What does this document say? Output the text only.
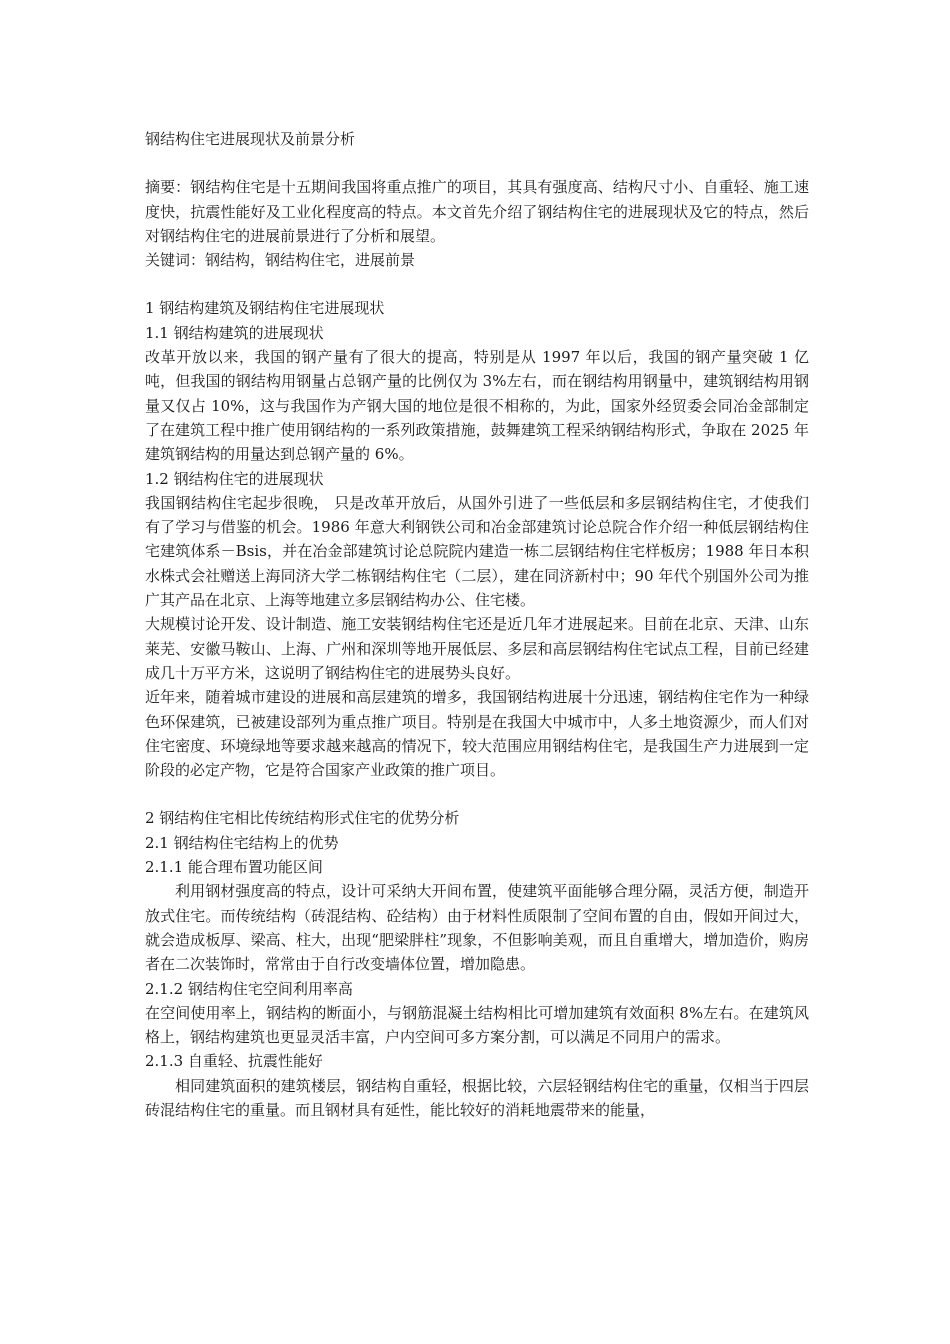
钢结构住宅进展现状及前景分析

摘要：钢结构住宅是十五期间我国将重点推广的项目，其具有强度高、结构尺寸小、自重轻、施工速度快，抗震性能好及工业化程度高的特点。本文首先介绍了钢结构住宅的进展现状及它的特点，然后对钢结构住宅的进展前景进行了分析和展望。

关键词：钢结构，钢结构住宅，进展前景

1 钢结构建筑及钢结构住宅进展现状

1.1 钢结构建筑的进展现状

改革开放以来，我国的钢产量有了很大的提高，特别是从 1997 年以后，我国的钢产量突破 1 亿吨，但我国的钢结构用钢量占总钢产量的比例仅为 3%左右，而在钢结构用钢量中，建筑钢结构用钢量又仅占 10%，这与我国作为产钢大国的地位是很不相称的，为此，国家外经贸委会同冶金部制定了在建筑工程中推广使用钢结构的一系列政策措施，鼓舞建筑工程采纳钢结构形式，争取在 2025 年建筑钢结构的用量达到总钢产量的 6%。

1.2 钢结构住宅的进展现状

我国钢结构住宅起步很晚， 只是改革开放后，从国外引进了一些低层和多层钢结构住宅，才使我们有了学习与借鉴的机会。1986 年意大利钢铁公司和冶金部建筑讨论总院合作介绍一种低层钢结构住宅建筑体系－Bsis，并在冶金部建筑讨论总院院内建造一栋二层钢结构住宅样板房；1988 年日本积水株式会社赠送上海同济大学二栋钢结构住宅（二层），建在同济新村中；90 年代个别国外公司为推广其产品在北京、上海等地建立多层钢结构办公、住宅楼。

大规模讨论开发、设计制造、施工安装钢结构住宅还是近几年才进展起来。目前在北京、天津、山东莱芜、安徽马鞍山、上海、广州和深圳等地开展低层、多层和高层钢结构住宅试点工程，目前已经建成几十万平方米，这说明了钢结构住宅的进展势头良好。

近年来，随着城市建设的进展和高层建筑的增多，我国钢结构进展十分迅速，钢结构住宅作为一种绿色环保建筑，已被建设部列为重点推广项目。特别是在我国大中城市中，人多土地资源少，而人们对住宅密度、环境绿地等要求越来越高的情况下，较大范围应用钢结构住宅，是我国生产力进展到一定阶段的必定产物，它是符合国家产业政策的推广项目。

2 钢结构住宅相比传统结构形式住宅的优势分析

2.1 钢结构住宅结构上的优势

2.1.1 能合理布置功能区间

利用钢材强度高的特点，设计可采纳大开间布置，使建筑平面能够合理分隔，灵活方便，制造开放式住宅。而传统结构（砖混结构、砼结构）由于材料性质限制了空间布置的自由，假如开间过大，就会造成板厚、梁高、柱大，出现“肥梁胖柱”现象，不但影响美观，而且自重增大，增加造价，购房者在二次装饰时，常常由于自行改变墙体位置，增加隐患。

2.1.2 钢结构住宅空间利用率高

在空间使用率上，钢结构的断面小，与钢筋混凝土结构相比可增加建筑有效面积 8%左右。在建筑风格上，钢结构建筑也更显灵活丰富，户内空间可多方案分割，可以满足不同用户的需求。

2.1.3 自重轻、抗震性能好

相同建筑面积的建筑楼层，钢结构自重轻，根据比较，六层轻钢结构住宅的重量，仅相当于四层砖混结构住宅的重量。而且钢材具有延性，能比较好的消耗地震带来的能量，
